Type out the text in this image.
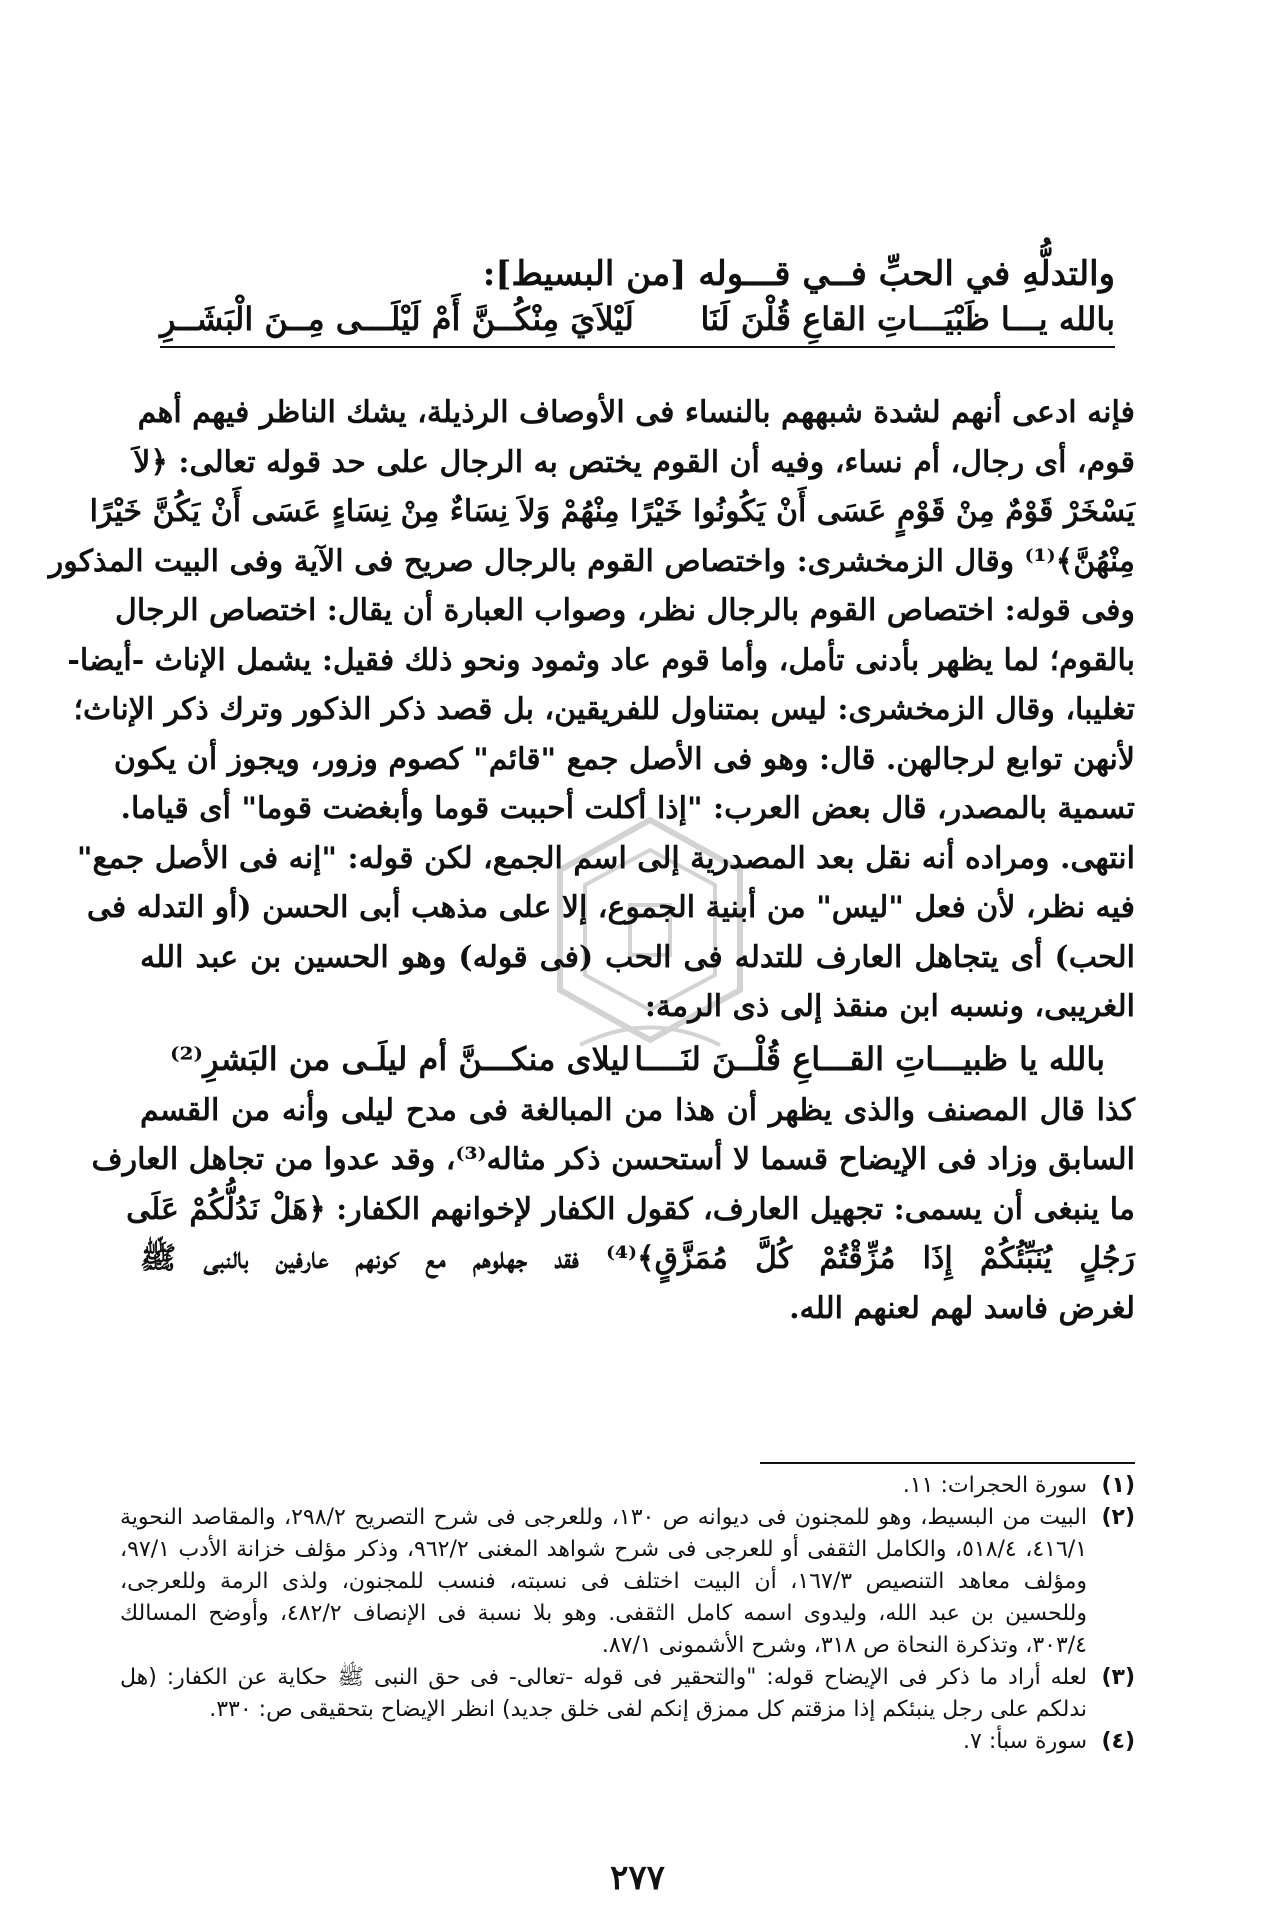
والتدلُّهِ في الحبِّ فــي قـــوله [من البسيط]:
بالله يـــا ظَبْيَـــاتِ القاعِ قُلْنَ لَنَا
لَيْلاَيَ مِنْكُــنَّ أَمْ لَيْلَـــى مِــنَ الْبَشَــرِ

فإنه ادعى أنهم لشدة شبههم بالنساء فى الأوصاف الرذيلة، يشك الناظر فيهم أهم
قوم، أى رجال، أم نساء، وفيه أن القوم يختص به الرجال على حد قوله تعالى: ﴿لاَ
يَسْخَرْ قَوْمٌ مِنْ قَوْمٍ عَسَى أَنْ يَكُونُوا خَيْرًا مِنْهُمْ وَلاَ نِسَاءٌ مِنْ نِسَاءٍ عَسَى أَنْ يَكُنَّ خَيْرًا
مِنْهُنَّ﴾⁽¹⁾ وقال الزمخشرى: واختصاص القوم بالرجال صريح فى الآية وفى البيت المذكور
وفى قوله: اختصاص القوم بالرجال نظر، وصواب العبارة أن يقال: اختصاص الرجال
بالقوم؛ لما يظهر بأدنى تأمل، وأما قوم عاد وثمود ونحو ذلك فقيل: يشمل الإناث -أيضا-
تغليبا، وقال الزمخشرى: ليس بمتناول للفريقين، بل قصد ذكر الذكور وترك ذكر الإناث؛
لأنهن توابع لرجالهن. قال: وهو فى الأصل جمع "قائم" كصوم وزور، ويجوز أن يكون
تسمية بالمصدر، قال بعض العرب: "إذا أكلت أحببت قوما وأبغضت قوما" أى قياما.
انتهى. ومراده أنه نقل بعد المصدرية إلى اسم الجمع، لكن قوله: "إنه فى الأصل جمع"
فيه نظر، لأن فعل "ليس" من أبنية الجموع، إلا على مذهب أبى الحسن (أو التدله فى
الحب) أى يتجاهل العارف للتدله فى الحب (فى قوله) وهو الحسين بن عبد الله
الغريبى، ونسبه ابن منقذ إلى ذى الرمة:

بالله يا ظبيـــاتِ القـــاعِ قُلْــنَ لنَــــا
ليلاى منكـــنَّ أم ليلَـى من البَشرِ⁽²⁾

كذا قال المصنف والذى يظهر أن هذا من المبالغة فى مدح ليلى وأنه من القسم
السابق وزاد فى الإيضاح قسما لا أستحسن ذكر مثاله⁽³⁾، وقد عدوا من تجاهل العارف
ما ينبغى أن يسمى: تجهيل العارف، كقول الكفار لإخوانهم الكفار: ﴿هَلْ نَدُلُّكُمْ عَلَى
رَجُلٍ يُنَبِّئُكُمْ إِذَا مُزِّقْتُمْ كُلَّ مُمَزَّقٍ﴾⁽⁴⁾ فقد جهلوهم مع كونهم عارفين بالنبى ﷺ
لغرض فاسد لهم لعنهم الله.

(١)
سورة الحجرات: ١١.
(٢)
البيت من البسيط، وهو للمجنون فى ديوانه ص ١٣٠، وللعرجى فى شرح التصريح ٢٩٨/٢، والمقاصد النحوية ٤١٦/١، ٥١٨/٤، والكامل الثقفى أو للعرجى فى شرح شواهد المغنى ٩٦٢/٢، وذكر مؤلف خزانة الأدب ٩٧/١، ومؤلف معاهد التنصيص ١٦٧/٣، أن البيت اختلف فى نسبته، فنسب للمجنون، ولذى الرمة وللعرجى، وللحسين بن عبد الله، وليدوى اسمه كامل الثقفى. وهو بلا نسبة فى الإنصاف ٤٨٢/٢، وأوضح المسالك ٣٠٣/٤، وتذكرة النحاة ص ٣١٨، وشرح الأشمونى ٨٧/١.
(٣)
لعله أراد ما ذكر فى الإيضاح قوله: "والتحقير فى قوله -تعالى- فى حق النبى ﷺ حكاية عن الكفار: (هل ندلكم على رجل ينبئكم إذا مزقتم كل ممزق إنكم لفى خلق جديد) انظر الإيضاح بتحقيقى ص: ٣٣٠.
(٤)
سورة سبأ: ٧.
٢٧٧
